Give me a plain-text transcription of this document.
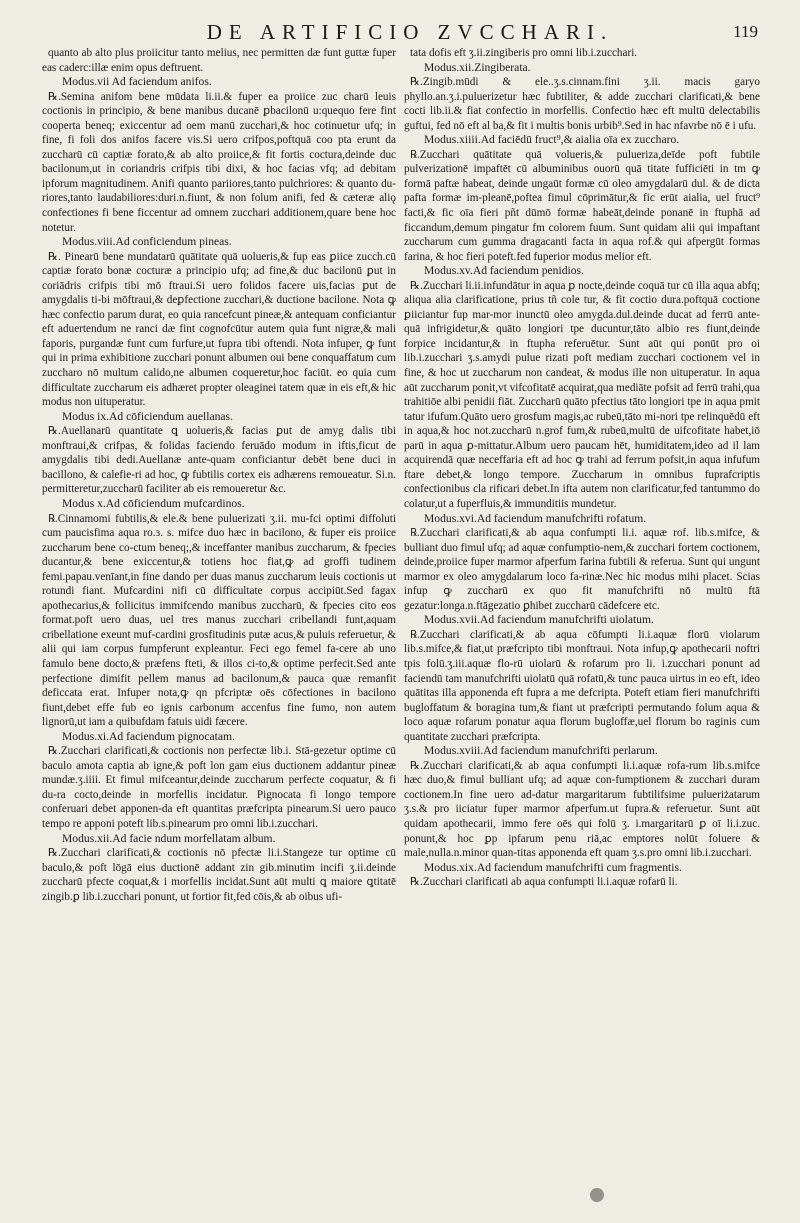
DE ARTIFICIO ZVCCHARI.	119

quanto ab alto plus proiicitur tanto melius, nec permitten dæ funt guttæ fuper eas caderc:illæ enim opus deftruent.

Modus.vii Ad faciendum anifos.

℞.Semina anifom bene mūdata li.ii.& fuper ea proiice zuc charū leuis coctionis in principio, & bene manibus ducanē ꝑbacilonū u:quequo fere fint cooperta beneq; exiccentur ad oem manū zucchari,& hoc cotinuetur ufq; in fine, fi foli dos anifos facere vis.Si uero crifpos,poftquā coo pta erunt da zuccharū cū captiæ forato,& ab alto proiice,& fit fortis coctura,deinde duc bacilonum,ut in coriandris crifpis tibi dixi, & hoc facias vfq; ad debitam ipforum magnitudinem. Anifi quanto pariiores,tanto pulchriores: & quanto du-riores,tanto laudabiliores:duri.n.fiunt, & non folum anifi, fed & cæteræ aliǫ confectiones fi bene ficcentur ad omnem zucchari additionem,quare bene hoc notetur.

Modus.viii.Ad conficiendum pineas.

℞. Pinearū bene mundatarū quātitate quā uolueris,& fup eas ꝑiice zucch.cū captiæ forato bonæ cocturæ a principio ufq; ad fine,& duc bacilonū ꝑut in coriādris crifpis tibi mō ftraui.Si uero folidos facere uis,facias ꝑut de amygdalis ti-bi mōftraui,& deꝑfectione zucchari,& ductione bacilone. Nota ꝙ hæc confectio parum durat, eo quia rancefcunt pineæ,& antequam conficiantur eft aduertendum ne ranci dæ fint cognofcūtur autem quia funt nigræ,& mali faporis, purgandæ funt cum furfure,ut fupra tibi oftendi. Nota infuper, ꝙ funt qui in prima exhibitione zucchari ponunt albumen oui bene conquaffatum cum zuccharo nō multum calido,ne albumen coqueretur,hoc faciūt. eo quia cum difficultate zuccharum eis adhæret propter oleaginei tatem quæ in eis eft,& hic modus non uituperatur.

Modus ix.Ad cōficiendum auellanas.

℞.Auellanarū quantitate ꝗ uolueris,& facias ꝑut de amyg dalis tibi monftraui,& crifpas, & folidas faciendo feruādo modum in iftis,ficut de amygdalis tibi dedi.Auellanæ ante-quam conficiantur debēt bene duci in bacillono, & calefie-ri ad hoc, ꝙ fubtilis cortex eis adhærens remoueatur. Si.n. permitteretur,zuccharū faciliter ab eis remoueretur &c.

Modus x.Ad cōficiendum mufcardinos.

℞.Cinnamomi fubtilis,& ele.& bene puluerizati ʒ.ii. mu-fci optimi diffoluti cum paucisfima aqua ro.ɜ. s. mifce duo hæc in bacilono, & fuper eis proiice zuccharum bene co-ctum beneq;,& inceffanter manibus zuccharum, & fpecies ducantur,& bene exiccentur,& totiens hoc fiat,ꝙ ad groffi tudinem femi.papau.venīant,in fine dando per duas manus zuccharum leuis coctionis ut rotundi fiant. Mufcardini nifi cū difficultate corpus accipiūt.Sed fagax apothecarius,& follicitus immifcendo manibus zuccharū, & fpecies cito eos format.poft uero duas, uel tres manus zucchari cribellandi funt,aquam cribellatione exeunt muf-cardini grosfitudinis putæ acus,& puluis referuetur, & alii qui iam corpus fumpferunt expleantur. Feci ego femel fa-cere ab uno famulo bene docto,& præfens fteti, & illos ci-to,& optime perfecit.Sed ante perfectione dimifit pellem manus ad bacilonum,& pauca quæ remanfit deficcata erat. Infuper nota,ꝙ qn pfcriptæ oēs cōfectiones in bacilono fiunt,debet effe fub eo ignis carbonum accenfus fine fumo, non autem lignorū,ut iam a quibufdam fatuis uidi fæcere.

Modus.xi.Ad faciendum pignocatam.

℞.Zucchari clarificati,& coctionis non perfectæ lib.i. Stā-gezetur optime cū baculo amota captia ab igne,& poft lon gam eius ductionem addantur pineæ mundæ.ʒ.iiii. Et fimul mifceantur,deinde zuccharum perfecte coquatur, & fi du-ra cocto,deinde in morfellis incidatur. Pignocata fi longo tempore conferuari debet apponen-da eft quantitas præfcripta pinearum.Si uero pauco tempo re apponi poteft lib.s.pinearum pro omni lib.i.zucchari.

Modus.xii.Ad facie ndum morfellatam album.

℞.Zucchari clarificati,& coctionis nō pfectæ li.i.Stangeze tur optime cū baculo,& poft lōgā eius ductionē addant zin gib.minutim incifi ʒ.ii.deinde zuccharū pfecte coquat,& i morfellis incidat.Sunt aūt multi ꝗ maiore ꝗtitatē zingib.ꝑ lib.i.zucchari ponunt, ut fortior fit,fed cōis,& ab oibus ufi-

tata dofis eft ʒ.ii.zingiberis pro omni lib.i.zucchari.

Modus.xii.Zingiberata.

℞.Zingib.mūdi & ele..ʒ.s.cinnam.fini ʒ.ii. macis garyo phyllo.an.ʒ.i.puluerizetur hæc fubtiliter, & adde zucchari clarificati,& bene cocti lib.ii.& fiat confectio in morfellis. Confectio hæc eft multū delectabilis guftui, fed nō eft al ba,& fit i multis bonis urbib⁹.Sed in hac nfavrbe nō ē i ufu.

Modus.xiiii.Ad faciēdū fruct⁹,& aialia oīa ex zuccharo.

℞.Zucchari quātitate quā volueris,& pulueriza,deīde poft fubtile pulverizationē impaftēt cū albuminibus ouorū quā titate fufficiēti in tm ꝙ formā paftæ habeat, deinde ungaūt formæ cū oleo amygdalarū dul. & de dicta pafta formæ im-pleanē,poftea fimul cōprimātur,& fic erūt aialia, uel fruct⁹ facti,& fic oīa fieri pñt dūmō formæ habeāt,deinde ponanē in ftuphā ad ficcandum,demum pingatur fm colorem fuum. Sunt quidam alii qui impaftant zuccharum cum gumma dragacanti facta in aqua rof.& qui afpergūt formas farina, & hoc fieri poteft.fed fuperior modus melior eft.

Modus.xv.Ad faciendum penidios.

℞.Zucchari li.ii.infundātur in aqua ꝑ nocte,deinde coquā tur cū illa aqua abfq; aliqua alia clarificatione, prius tñ cole tur, & fit coctio dura.poftquā coctione ꝑiiciantur fup mar-mor inunctū oleo amygda.dul.deinde ducat ad ferrū ante-quā infrigidetur,& quāto longiori tpe ducuntur,tāto albio res fiunt,deinde forpice incidantur,& in ftupha referuētur. Sunt aūt qui ponūt pro oi lib.i.zucchari ʒ.s.amydi pulue rizati poft mediam zucchari coctionem vel in fine, & hoc ut zuccharum non candeat, & modus ille non uituperatur. In aqua aūt zuccharum ponit,vt vifcofitatē acquirat,qua mediāte pofsit ad ferrū trahi,qua trahitiōe albi penidii fiāt. Zuccharū quāto pfectius tāto longiori tpe in aqua pmit tatur ifufum.Quāto uero grosfum magis,ac rubeū,tāto mi-nori tpe relinquēdū eft in aqua,& hoc not.zuccharū n.grof fum,& rubeū,multū de uifcofitate habet,iō parū in aqua ꝑ-mittatur.Album uero paucam hēt, humiditatem,ideo ad il lam acquirendā quæ neceffaria eft ad hoc ꝙ trahi ad ferrum pofsit,in aqua infufum ftare debet,& longo tempore. Zuccharum in omnibus fuprafcriptis confectionibus cla rificari debet.In ifta autem non clarificatur,fed tantummo do colatur,ut a fuperfluis,& immunditiis mundetur.

Modus.xvi.Ad faciendum manufchrifti rofatum.

℞.Zucchari clarificati,& ab aqua confumpti li.i. aquæ rof. lib.s.mifce, & bulliant duo fimul ufq; ad aquæ confumptio-nem,& zucchari fortem coctionem, deinde,proiice fuper marmor afperfum farina fubtili & referua. Sunt qui ungunt marmor ex oleo amygdalarum loco fa-rinæ.Nec hic modus mihi placet. Scias infup ꝙ zuccharū ex quo fit manufchrifti nō multū ftā gezatur:longa.n.ftāgezatio ꝑhibet zuccharū cādefcere etc.

Modus.xvii.Ad faciendum manufchrifti uiolatum.

℞.Zucchari clarificati,& ab aqua cōfumpti li.i.aquæ florū violarum lib.s.mifce,& fiat,ut præfcripto tibi monftraui. Nota infup,ꝙ apothecarii noftri tpis folū.ʒ.iii.aquæ flo-rū uiolarū & rofarum pro li. i.zucchari ponunt ad faciendū tam manufchrifti uiolatū quā rofatū,& tunc pauca uirtus in eo eft, ideo quātitas illa apponenda eft fupra a me defcripta. Poteft etiam fieri manufchrifti bugloffatum & boragina tum,& fiant ut præfcripti permutando folum aqua & loco aquæ rofarum ponatur aqua florum bugloffæ,uel florum bo raginis cum quantitate zucchari præfcripta.

Modus.xviii.Ad faciendum manufchrifti perlarum.

℞.Zucchari clarificati,& ab aqua confumpti li.i.aquæ rofa-rum lib.s.mifce hæc duo,& fimul bulliant ufq; ad aquæ con-fumptionem & zucchari duram coctionem.In fine uero ad-datur margaritarum fubtilifsime pulueriżatarum ʒ.s.& pro iiciatur fuper marmor afperfum.ut fupra.& referuetur. Sunt aūt quidam apothecarii, immo fere oēs qui folū ʒ. i.margaritarū ꝑ oī li.i.zuc. ponunt,& hoc ꝑp ipfarum penu riā,ac emptores nolūt foluere & male,nulla.n.minor quan-titas apponenda eft quam ʒ.s.pro omni lib.i.zucchari.

Modus.xix.Ad faciendum manufchrifti cum fragmentis.

℞.Zucchari clarificati ab aqua confumpti li.i.aquæ rofarū li.
